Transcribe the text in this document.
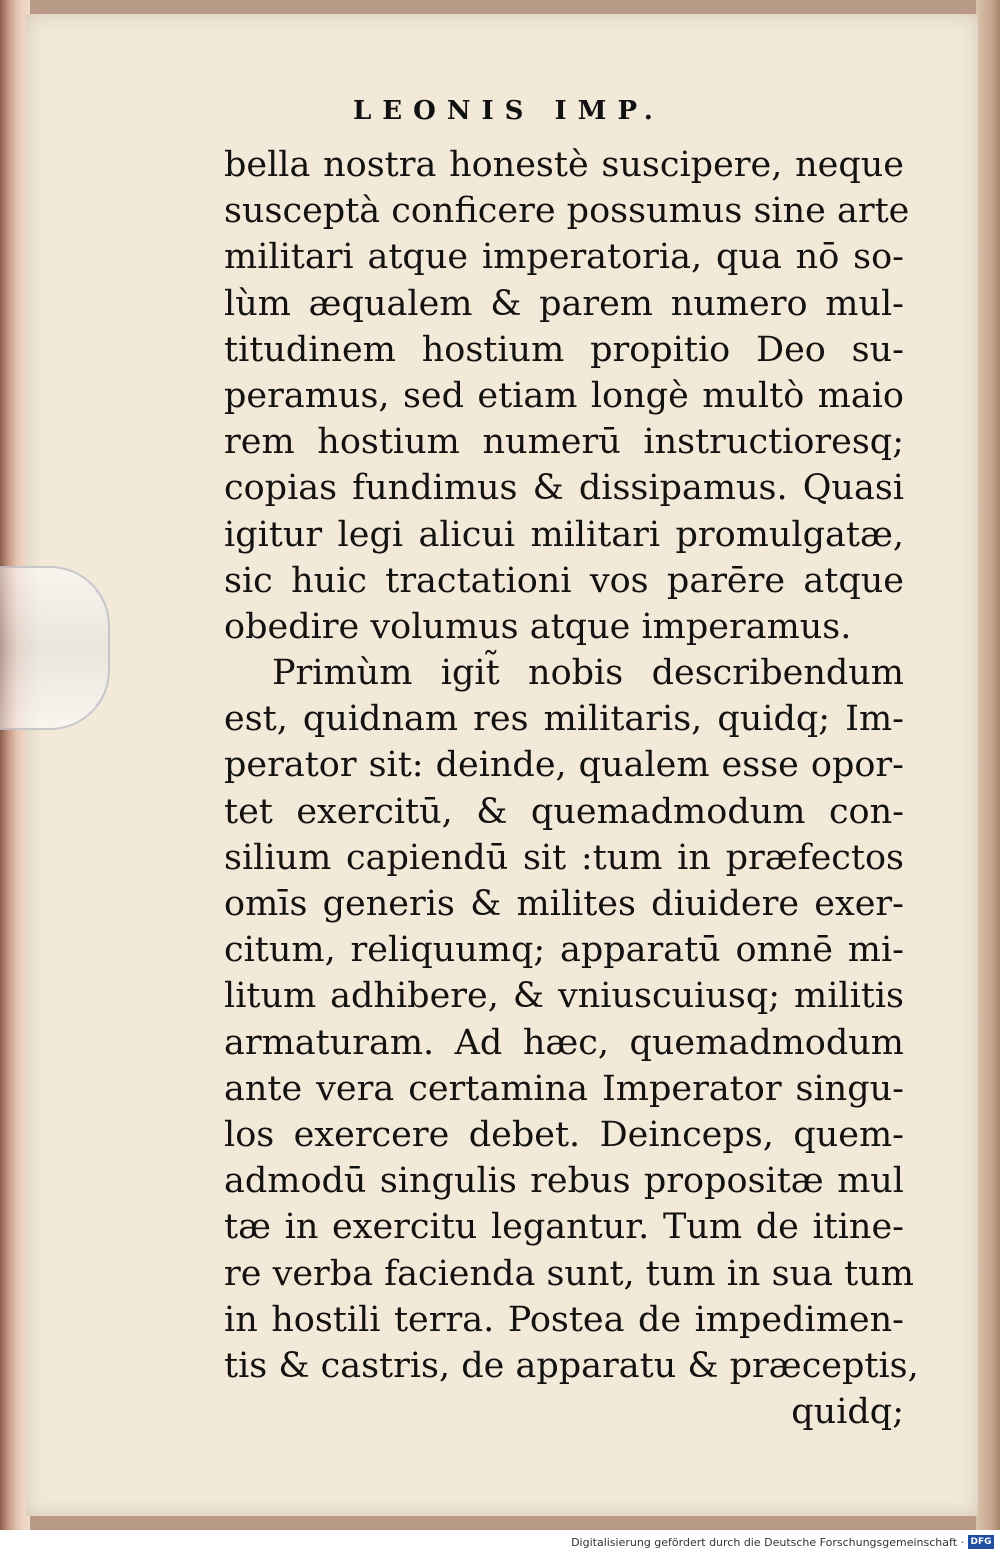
LEONIS IMP.
bella nostra honestè suscipere, neque
susceptà conficere possumus sine arte
militari atque imperatoria, qua nō so-
lùm æqualem & parem numero mul-
titudinem hostium propitio Deo su-
peramus, sed etiam longè multò maio
rem hostium numerū instructioresq;
copias fundimus & dissipamus. Quasi
igitur legi alicui militari promulgatæ,
sic huic tractationi vos parēre atque
obedire volumus atque imperamus.
Primùm igit̃ nobis describendum
est, quidnam res militaris, quidq; Im-
perator sit: deinde, qualem esse opor-
tet exercitū, & quemadmodum con-
silium capiendū sit :tum in præfectos
omīs generis & milites diuidere exer-
citum, reliquumq; apparatū omnē mi-
litum adhibere, & vniuscuiusq; militis
armaturam. Ad hæc, quemadmodum
ante vera certamina Imperator singu-
los exercere debet. Deinceps, quem-
admodū singulis rebus propositæ mul
tæ in exercitu legantur. Tum de itine-
re verba facienda sunt, tum in sua tum
in hostili terra. Postea de impedimen-
tis & castris, de apparatu & præceptis,
quidq;
Digitalisierung gefördert durch die Deutsche Forschungsgemeinschaft · DFG
